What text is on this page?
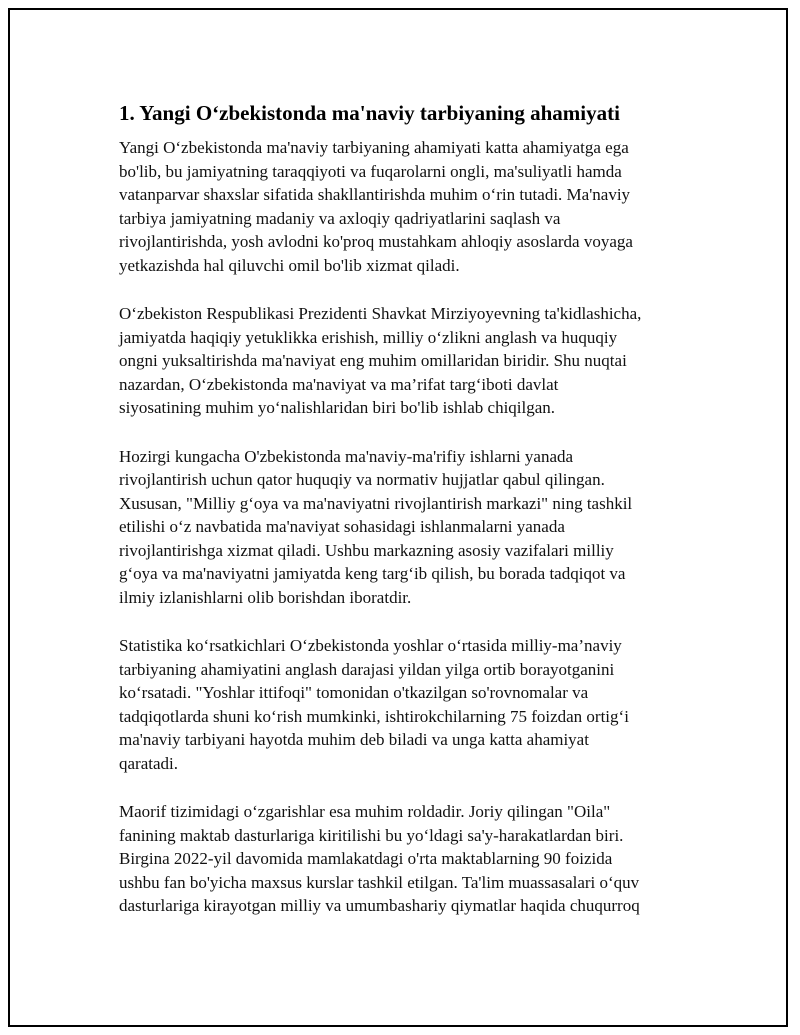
1. Yangi O‘zbekistonda ma'naviy tarbiyaning ahamiyati

Yangi O‘zbekistonda ma'naviy tarbiyaning ahamiyati katta ahamiyatga ega
bo'lib, bu jamiyatning taraqqiyoti va fuqarolarni ongli, ma'suliyatli hamda
vatanparvar shaxslar sifatida shakllantirishda muhim o‘rin tutadi. Ma'naviy
tarbiya jamiyatning madaniy va axloqiy qadriyatlarini saqlash va
rivojlantirishda, yosh avlodni ko'proq mustahkam ahloqiy asoslarda voyaga
yetkazishda hal qiluvchi omil bo'lib xizmat qiladi.

O‘zbekiston Respublikasi Prezidenti Shavkat Mirziyoyevning ta'kidlashicha,
jamiyatda haqiqiy yetuklikka erishish, milliy o‘zlikni anglash va huquqiy
ongni yuksaltirishda ma'naviyat eng muhim omillaridan biridir. Shu nuqtai
nazardan, O‘zbekistonda ma'naviyat va ma’rifat targ‘iboti davlat
siyosatining muhim yo‘nalishlaridan biri bo'lib ishlab chiqilgan.

Hozirgi kungacha O'zbekistonda ma'naviy-ma'rifiy ishlarni yanada
rivojlantirish uchun qator huquqiy va normativ hujjatlar qabul qilingan.
Xususan, "Milliy g‘oya va ma'naviyatni rivojlantirish markazi" ning tashkil
etilishi o‘z navbatida ma'naviyat sohasidagi ishlanmalarni yanada
rivojlantirishga xizmat qiladi. Ushbu markazning asosiy vazifalari milliy
g‘oya va ma'naviyatni jamiyatda keng targ‘ib qilish, bu borada tadqiqot va
ilmiy izlanishlarni olib borishdan iboratdir.

Statistika ko‘rsatkichlari O‘zbekistonda yoshlar o‘rtasida milliy-ma’naviy
tarbiyaning ahamiyatini anglash darajasi yildan yilga ortib borayotganini
ko‘rsatadi. "Yoshlar ittifoqi" tomonidan o'tkazilgan so'rovnomalar va
tadqiqotlarda shuni ko‘rish mumkinki, ishtirokchilarning 75 foizdan ortig‘i
ma'naviy tarbiyani hayotda muhim deb biladi va unga katta ahamiyat
qaratadi.

Maorif tizimidagi o‘zgarishlar esa muhim roldadir. Joriy qilingan "Oila"
fanining maktab dasturlariga kiritilishi bu yo‘ldagi sa'y-harakatlardan biri.
Birgina 2022-yil davomida mamlakatdagi o'rta maktablarning 90 foizida
ushbu fan bo'yicha maxsus kurslar tashkil etilgan. Ta'lim muassasalari o‘quv
dasturlariga kirayotgan milliy va umumbashariy qiymatlar haqida chuqurroq
